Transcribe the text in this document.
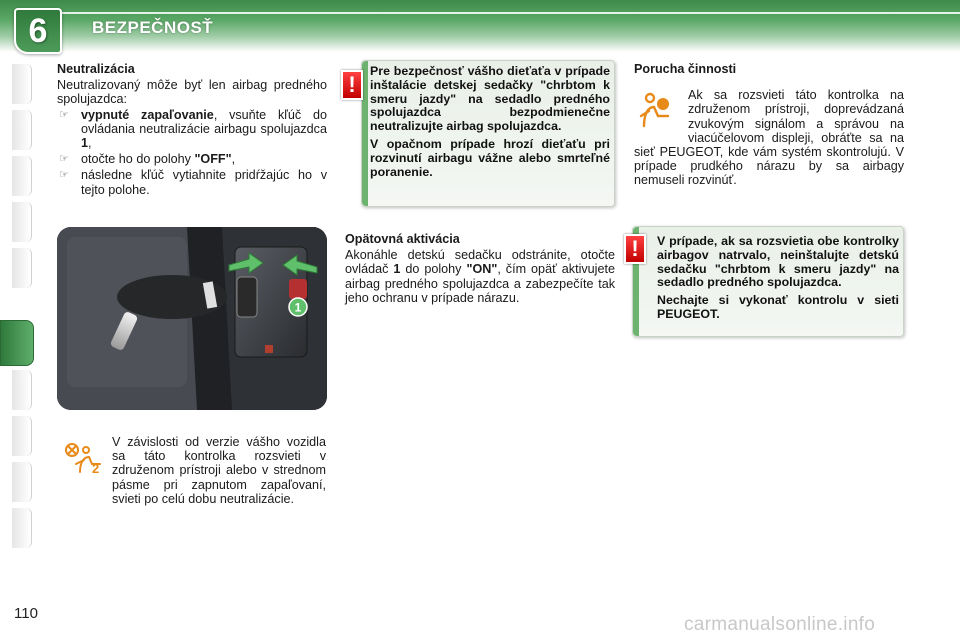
6	BEZPEČNOSŤ
Neutralizácia

Neutralizovaný môže byť len airbag predného spolujazdca:

☞ vypnuté zapaľovanie, vsuňte kľúč do ovládania neutralizácie airbagu spolujazdca 1,
☞ otočte ho do polohy "OFF",
☞ následne kľúč vytiahnite pridŕžajúc ho v tejto polohe.
1
2

V závislosti od verzie vášho vozidla sa táto kontrolka rozsvieti v združenom prístroji alebo v strednom pásme pri zapnutom zapaľovaní, svieti po celú dobu neutralizácie.

Pre bezpečnosť vášho dieťaťa v prípade inštalácie detskej sedačky "chrbtom k smeru jazdy" na sedadlo predného spolujazdca bezpodmienečne neutralizujte airbag spolujazdca.

V opačnom prípade hrozí dieťaťu pri rozvinutí airbagu vážne alebo smrteľné poranenie.

!
Opätovná aktivácia

Akonáhle detskú sedačku odstránite, otočte ovládač 1 do polohy "ON", čím opäť aktivujete airbag predného spolujazdca a zabezpečíte tak jeho ochranu v prípade nárazu.

Porucha činnosti

Ak sa rozsvieti táto kontrolka na združenom prístroji, doprevádzaná zvukovým signálom a správou na viacúčelovom displeji, obráťte sa na sieť PEUGEOT, kde vám systém skontrolujú. V prípade prudkého nárazu by sa airbagy nemuseli rozvinúť.

V prípade, ak sa rozsvietia obe kontrolky airbagov natrvalo, neinštalujte detskú sedačku "chrbtom k smeru jazdy" na sedadlo predného spolujazdca.

Nechajte si vykonať kontrolu v sieti PEUGEOT.

!
110
carmanualsonline.info
